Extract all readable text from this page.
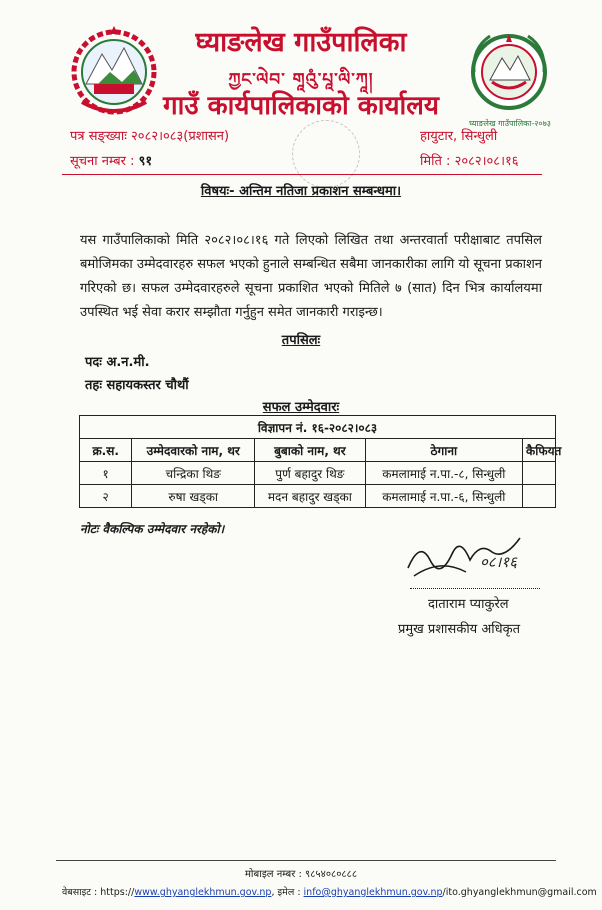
घ्याङलेख गाउँपालिका-२०७३
घ्याङलेख गाउँपालिका
ཀྱང་ལེབ་ གཱའུཾ་པཱ་ལི་ཀཱ།
गाउँ कार्यपालिकाको कार्यालय
पत्र सङ्ख्याः २०८२।०८३(प्रशासन)
सूचना नम्बर : ९१
हायुटार, सिन्धुली
मिति : २०८२।०८।१६
विषयः- अन्तिम नतिजा प्रकाशन सम्बन्धमा।
यस गाउँपालिकाको मिति २०८२।०८।१६ गते लिएको लिखित तथा अन्तरवार्ता परीक्षाबाट तपसिल बमोजिमका उम्मेदवारहरु सफल भएको हुनाले सम्बन्धित सबैमा जानकारीका लागि यो सूचना प्रकाशन गरिएको छ। सफल उम्मेदवारहरुले सूचना प्रकाशित भएको मितिले ७ (सात) दिन भित्र कार्यालयमा उपस्थित भई सेवा करार सम्झौता गर्नुहुन समेत जानकारी गराइन्छ।
तपसिलः
पदः अ.न.मी.
तहः सहायकस्तर चौथौं
सफल उम्मेदवारः
विज्ञापन नं. १६-२०८२।०८३				
क्र.स.	उम्मेदवारको नाम, थर	बुबाको नाम, थर	ठेगाना	कैफियत
१	चन्द्रिका थिङ	पुर्ण बहादुर थिङ	कमलामाई न.पा.-८, सिन्धुली	
२	रुषा खड्का	मदन बहादुर खड्का	कमलामाई न.पा.-६, सिन्धुली	
नोटः वैकल्पिक उम्मेदवार नरहेको।
०८।१६
दाताराम प्याकुरेल
प्रमुख प्रशासकीय अधिकृत
मोबाइल नम्बर : ९८५४०८०८८८
वेबसाइट : https://www.ghyanglekhmun.gov.np, इमेल : info@ghyanglekhmun.gov.np/ito.ghyanglekhmun@gmail.com
